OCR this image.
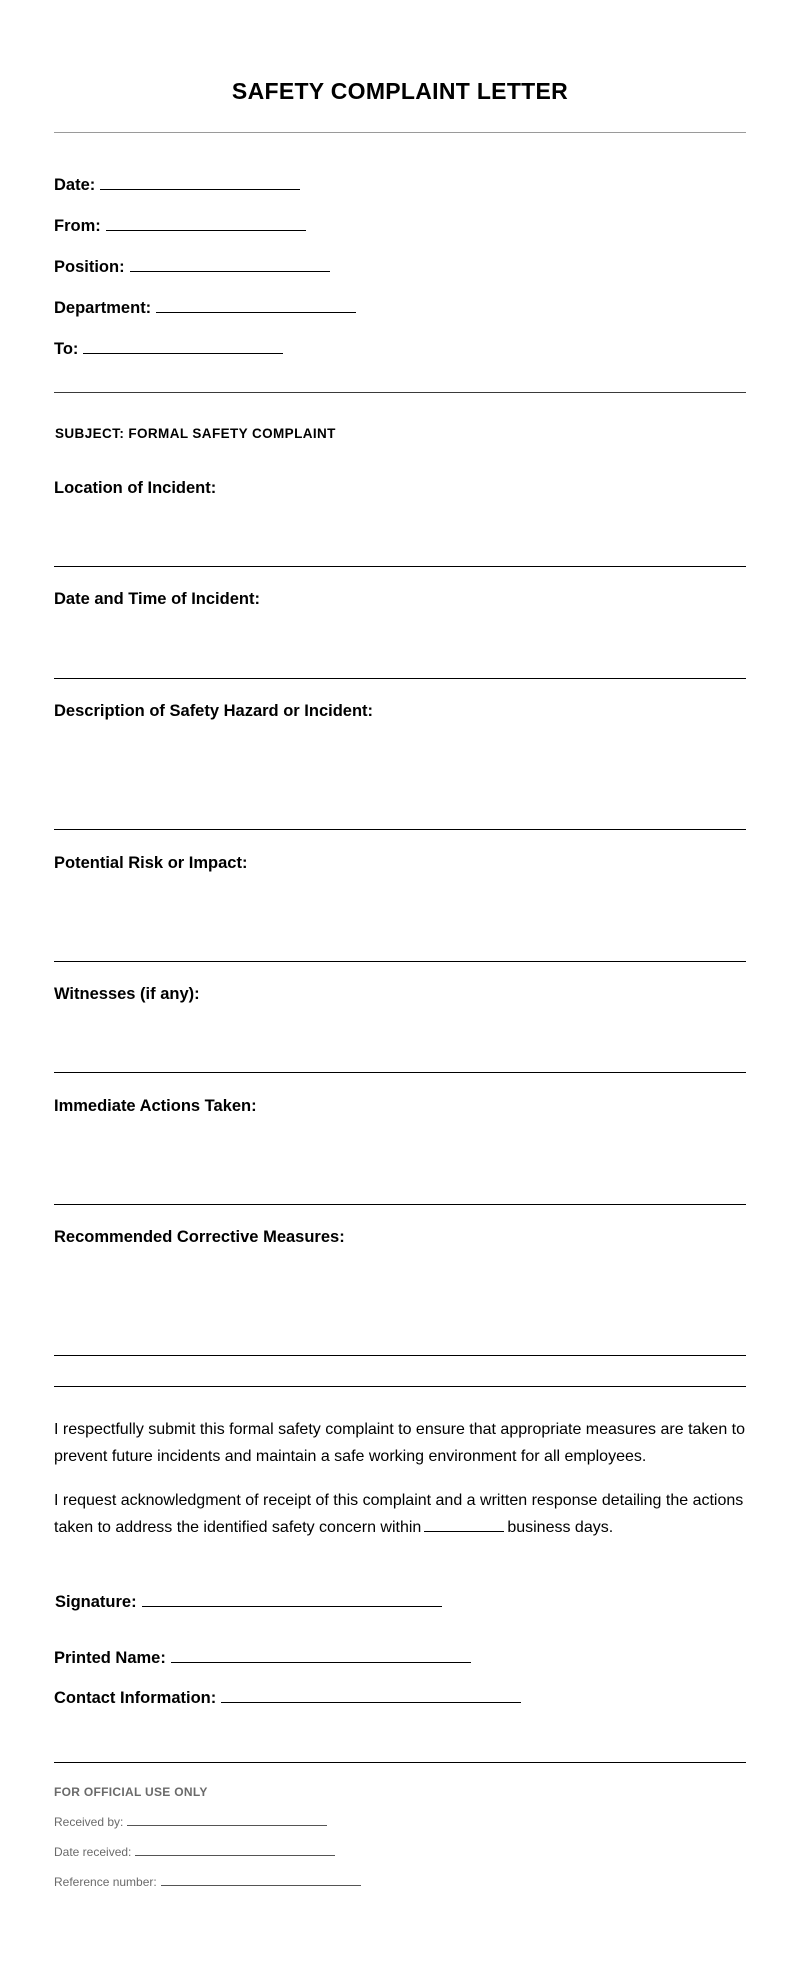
SAFETY COMPLAINT LETTER
Date:
From:
Position:
Department:
To:
SUBJECT: FORMAL SAFETY COMPLAINT
Location of Incident:
Date and Time of Incident:
Description of Safety Hazard or Incident:
Potential Risk or Impact:
Witnesses (if any):
Immediate Actions Taken:
Recommended Corrective Measures:
I respectfully submit this formal safety complaint to ensure that appropriate measures are taken to prevent future incidents and maintain a safe working environment for all employees.
I request acknowledgment of receipt of this complaint and a written response detailing the actions taken to address the identified safety concern within	business days.
Signature:
Printed Name:
Contact Information:
FOR OFFICIAL USE ONLY
Received by:
Date received:
Reference number:
